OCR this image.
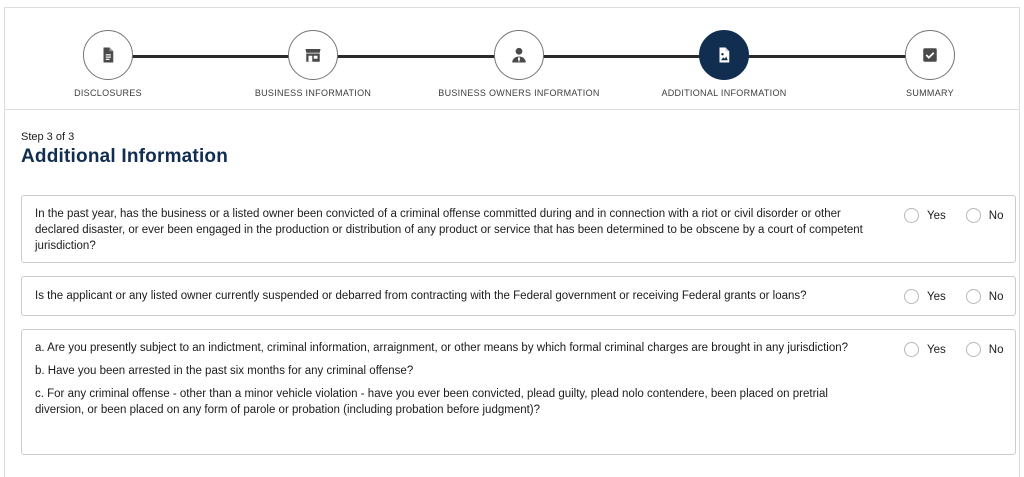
DISCLOSURES	BUSINESS INFORMATION	BUSINESS OWNERS INFORMATION	ADDITIONAL INFORMATION	SUMMARY
Step 3 of 3
Additional Information
In the past year, has the business or a listed owner been convicted of a criminal offense committed during and in connection with a riot or civil disorder or other declared disaster, or ever been engaged in the production or distribution of any product or service that has been determined to be obscene by a court of competent jurisdiction?
Yes	No
Is the applicant or any listed owner currently suspended or debarred from contracting with the Federal government or receiving Federal grants or loans?	Yes	No
a. Are you presently subject to an indictment, criminal information, arraignment, or other means by which formal criminal charges are brought in any jurisdiction?
b. Have you been arrested in the past six months for any criminal offense?
c. For any criminal offense - other than a minor vehicle violation - have you ever been convicted, plead guilty, plead nolo contendere, been placed on pretrial diversion, or been placed on any form of parole or probation (including probation before judgment)?
Yes	No
